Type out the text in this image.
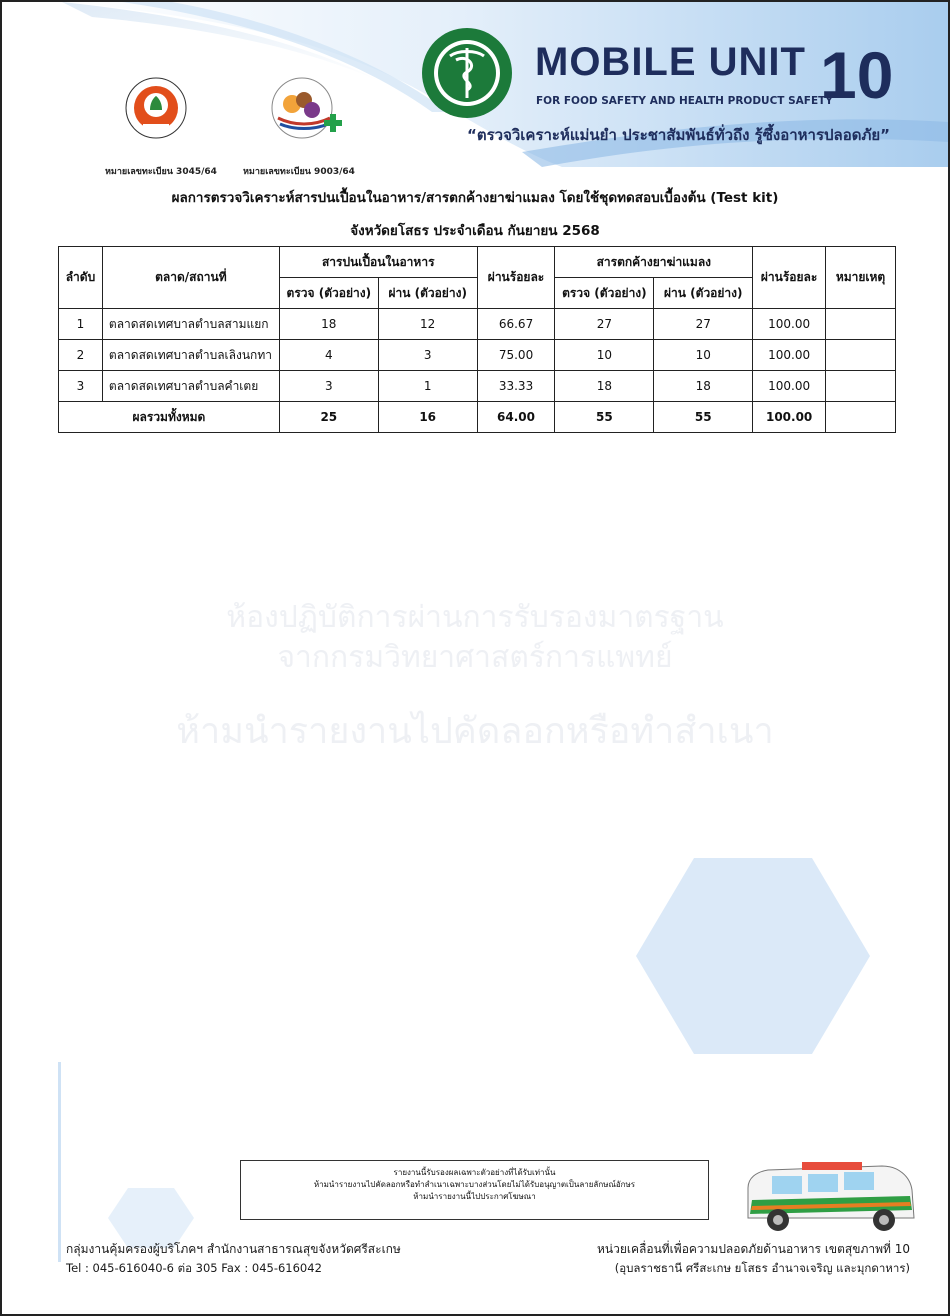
หมายเลขทะเบียน 3045/64	หมายเลขทะเบียน 9003/64
MOBILE UNIT 10
FOR FOOD SAFETY AND HEALTH PRODUCT SAFETY
“ตรวจวิเคราะห์แม่นยำ ประชาสัมพันธ์ทั่วถึง รู้ซึ้งอาหารปลอดภัย”
ผลการตรวจวิเคราะห์สารปนเปื้อนในอาหาร/สารตกค้างยาฆ่าแมลง โดยใช้ชุดทดสอบเบื้องต้น (Test kit)
จังหวัดยโสธร ประจำเดือน กันยายน 2568
ลำดับ	ตลาด/สถานที่	สารปนเปื้อนในอาหาร		ผ่านร้อยละ	สารตกค้างยาฆ่าแมลง		ผ่านร้อยละ	หมายเหตุ
		ตรวจ (ตัวอย่าง)	ผ่าน (ตัวอย่าง)		ตรวจ (ตัวอย่าง)	ผ่าน (ตัวอย่าง)		
1	ตลาดสดเทศบาลตำบลสามแยก	18	12	66.67	27	27	100.00	
2	ตลาดสดเทศบาลตำบลเลิงนกทา	4	3	75.00	10	10	100.00	
3	ตลาดสดเทศบาลตำบลคำเตย	3	1	33.33	18	18	100.00	
ผลรวมทั้งหมด		25	16	64.00	55	55	100.00	
ห้องปฏิบัติการผ่านการรับรองมาตรฐาน
จากกรมวิทยาศาสตร์การแพทย์
ห้ามนำรายงานไปคัดลอกหรือทำสำเนา
รายงานนี้รับรองผลเฉพาะตัวอย่างที่ได้รับเท่านั้น
ห้ามนำรายงานไปคัดลอกหรือทำสำเนาเฉพาะบางส่วนโดยไม่ได้รับอนุญาตเป็นลายลักษณ์อักษร
ห้ามนำรายงานนี้ไปประกาศโฆษณา
กลุ่มงานคุ้มครองผู้บริโภคฯ สำนักงานสาธารณสุขจังหวัดศรีสะเกษ
Tel : 045-616040-6 ต่อ 305 Fax : 045-616042
หน่วยเคลื่อนที่เพื่อความปลอดภัยด้านอาหาร เขตสุขภาพที่ 10
(อุบลราชธานี ศรีสะเกษ ยโสธร อำนาจเจริญ และมุกดาหาร)
